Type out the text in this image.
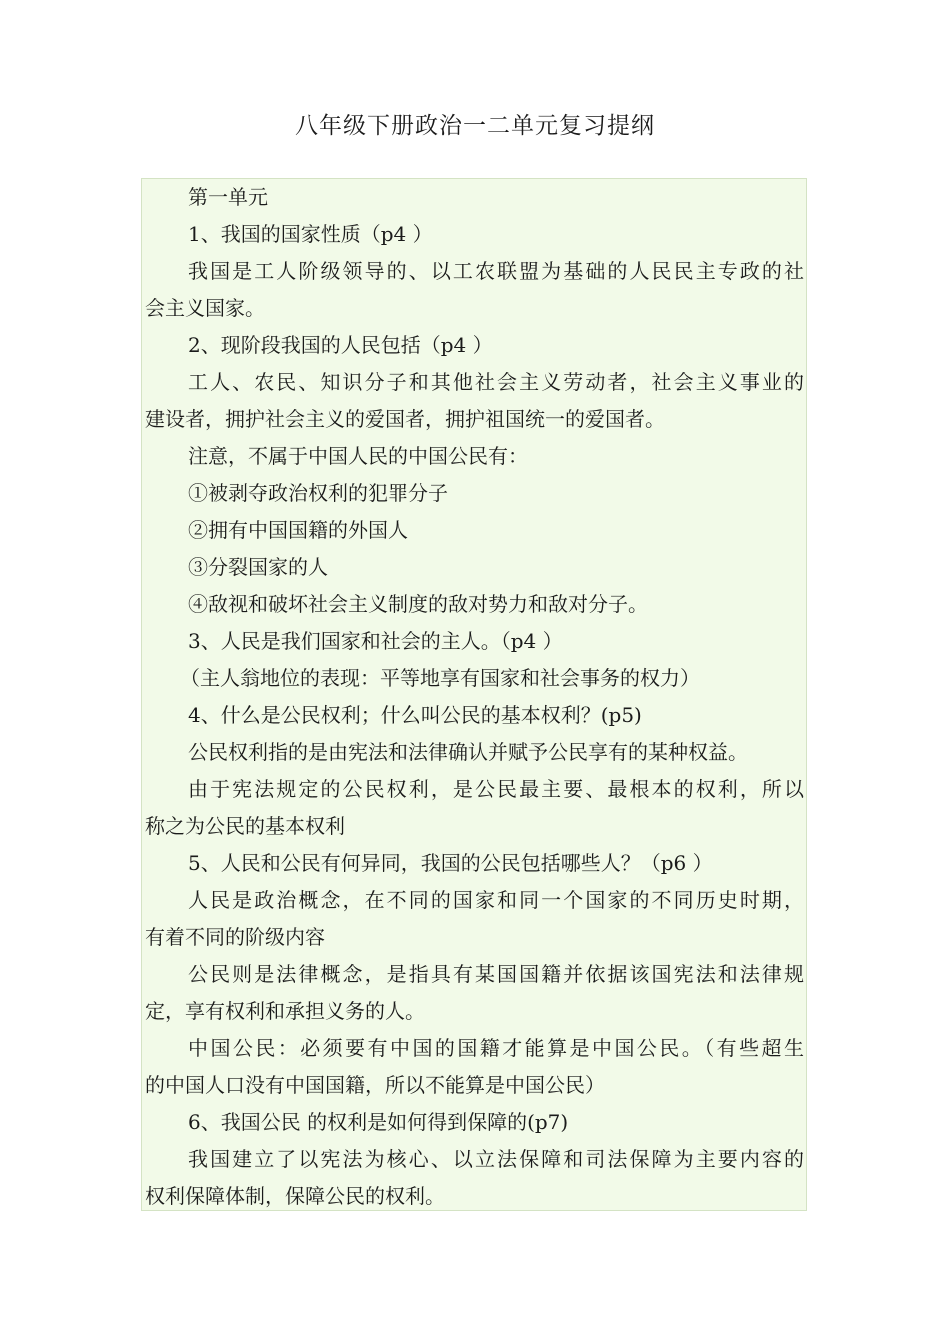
八年级下册政治一二单元复习提纲
第一单元
1、我国的国家性质（p4 ）
我国是工人阶级领导的、以工农联盟为基础的人民民主专政的社
会主义国家。
2、现阶段我国的人民包括（p4 ）
工人、农民、知识分子和其他社会主义劳动者，社会主义事业的
建设者，拥护社会主义的爱国者，拥护祖国统一的爱国者。
注意，不属于中国人民的中国公民有：
①被剥夺政治权利的犯罪分子
②拥有中国国籍的外国人
③分裂国家的人
④敌视和破坏社会主义制度的敌对势力和敌对分子。
3、人民是我们国家和社会的主人。（p4 ）
（主人翁地位的表现：平等地享有国家和社会事务的权力）
4、什么是公民权利；什么叫公民的基本权利？(p5)
公民权利指的是由宪法和法律确认并赋予公民享有的某种权益。
由于宪法规定的公民权利，是公民最主要、最根本的权利，所以
称之为公民的基本权利
5、人民和公民有何异同，我国的公民包括哪些人？（p6 ）
人民是政治概念，在不同的国家和同一个国家的不同历史时期，
有着不同的阶级内容
公民则是法律概念，是指具有某国国籍并依据该国宪法和法律规
定，享有权利和承担义务的人。
中国公民：必须要有中国的国籍才能算是中国公民。（有些超生
的中国人口没有中国国籍，所以不能算是中国公民）
6、我国公民 的权利是如何得到保障的(p7)
我国建立了以宪法为核心、以立法保障和司法保障为主要内容的
权利保障体制，保障公民的权利。
